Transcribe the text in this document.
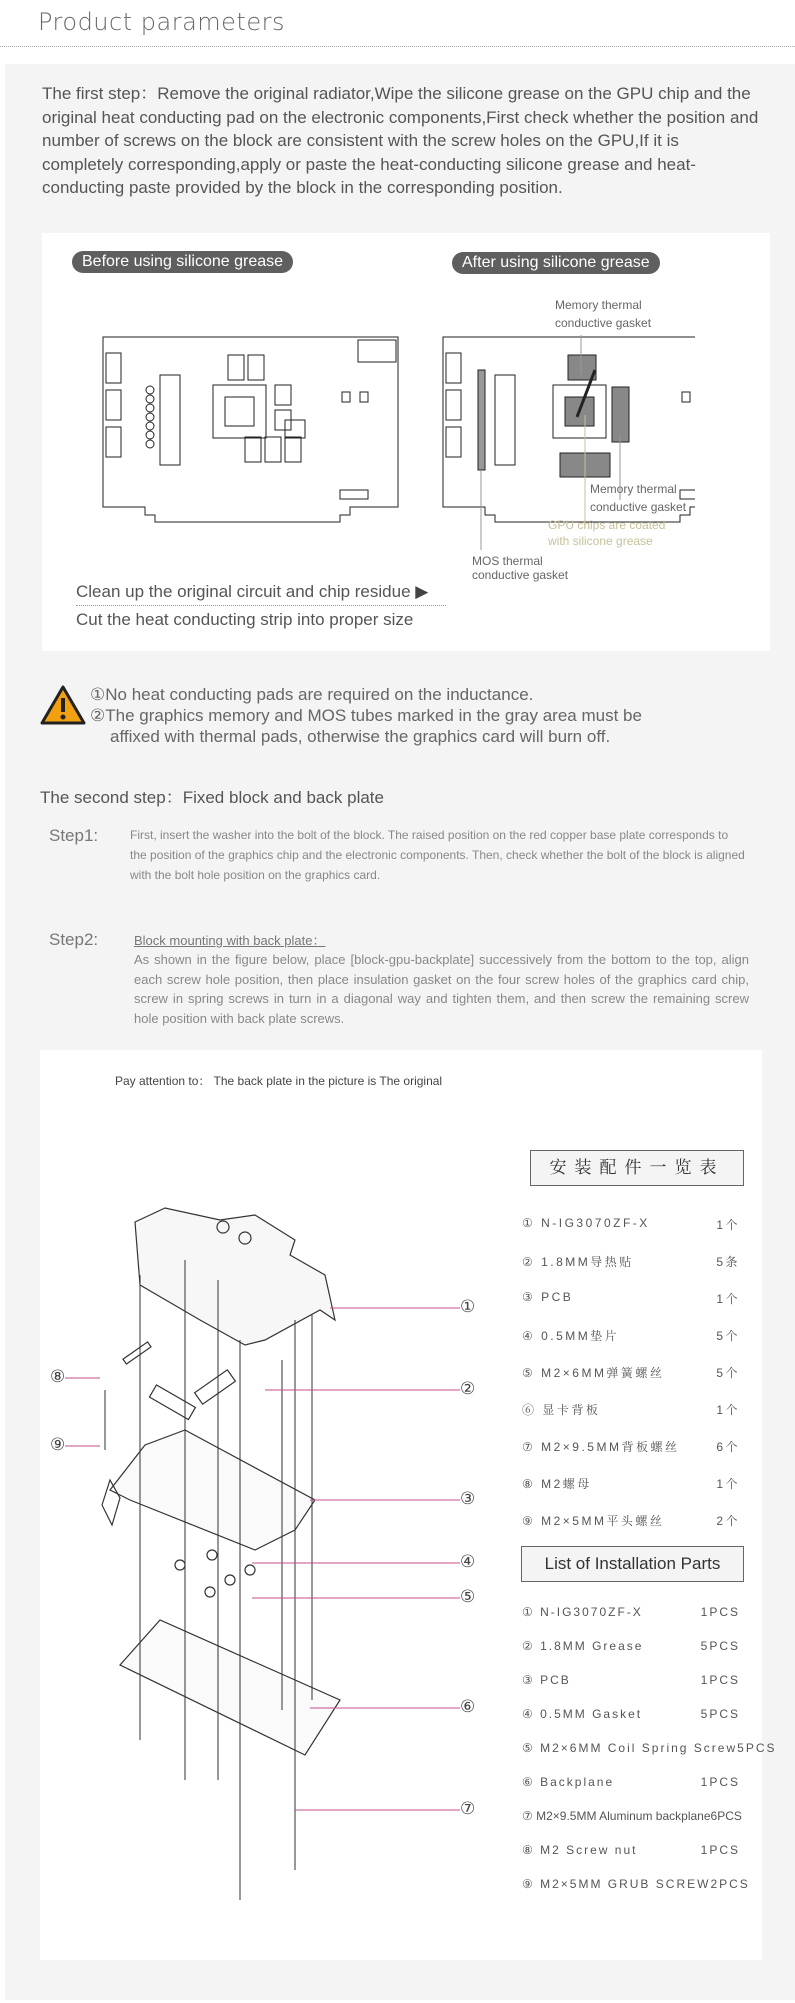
Product parameters
The first step：Remove the original radiator,Wipe the silicone grease on the GPU chip and the original heat conducting pad on the electronic components,First check whether the position and number of screws on the block are consistent with the screw holes on the GPU,If it is completely corresponding,apply or paste the heat-conducting silicone grease and heat-conducting paste provided by the block in the corresponding position.
Before using silicone grease	After using silicone grease
Memory thermal
conductive gasket
Memory thermal
conductive gasket
GPU chips are coated
with silicone grease
MOS thermal
conductive gasket
Clean up the original circuit and chip residue ▶
Cut the heat conducting strip into proper size
①No heat conducting pads are required on the inductance.
②The graphics memory and MOS tubes marked in the gray area must be
affixed with thermal pads, otherwise the graphics card will burn off.
The second step：Fixed block and back plate
Step1:	First, insert the washer into the bolt of the block. The raised position on the red copper base plate corresponds to the position of the graphics chip and the electronic components. Then, check whether the bolt of the block is aligned with the bolt hole position on the graphics card.
Step2:	Block mounting with back plate：
As shown in the figure below, place [block-gpu-backplate] successively from the bottom to the top, align each screw hole position, then place insulation gasket on the four screw holes of the graphics card chip, screw in spring screws in turn in a diagonal way and tighten them, and then screw the remaining screw hole position with back plate screws.
Pay attention to： The back plate in the picture is The original
①
②
③
④
⑤
⑥
⑦
⑧
⑨
安装配件一览表
① N-IG3070ZF-X	1个
② 1.8MM导热贴	5条
③ PCB	1个
④ 0.5MM垫片	5个
⑤ M2×6MM弹簧螺丝	5个
⑥ 显卡背板	1个
⑦ M2×9.5MM背板螺丝	6个
⑧ M2螺母	1个
⑨ M2×5MM平头螺丝	2个
List of Installation Parts
① N-IG3070ZF-X	1PCS
② 1.8MM Grease	5PCS
③ PCB	1PCS
④ 0.5MM Gasket	5PCS
⑤ M2×6MM Coil Spring Screw 5PCS
⑥ Backplane	1PCS
⑦ M2×9.5MM Aluminum backplane 6PCS
⑧ M2 Screw nut	1PCS
⑨ M2×5MM GRUB SCREW 2PCS
